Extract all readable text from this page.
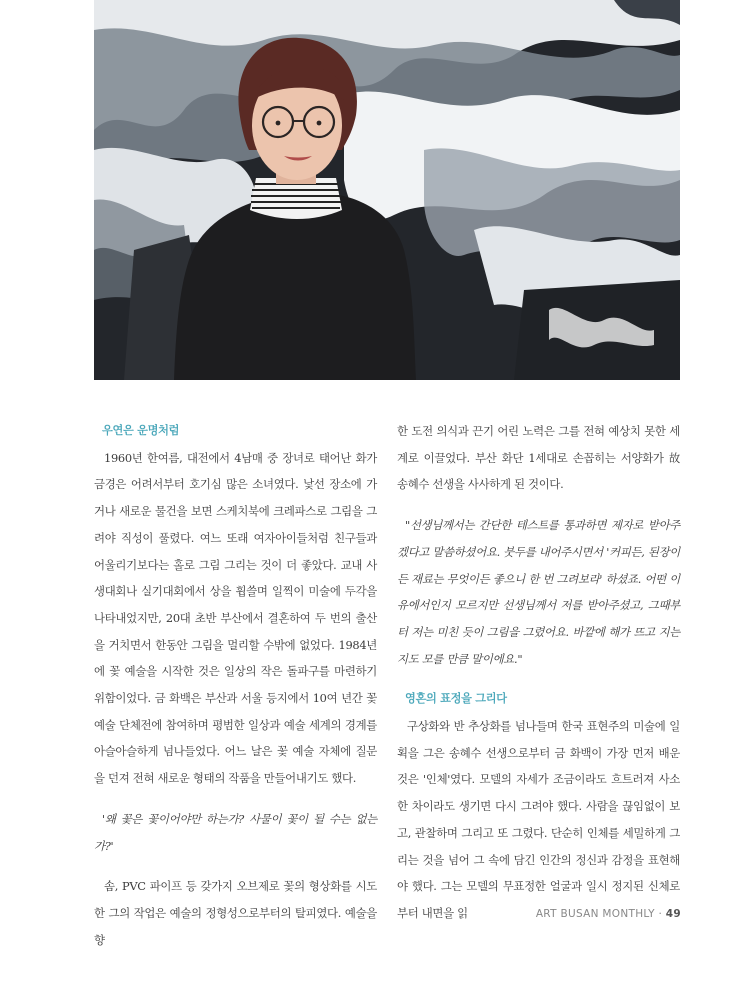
우연은 운명처럼

1960년 한여름, 대전에서 4남매 중 장녀로 태어난 화가 금경은 어려서부터 호기심 많은 소녀였다. 낯선 장소에 가거나 새로운 물건을 보면 스케치북에 크레파스로 그림을 그려야 직성이 풀렸다. 여느 또래 여자아이들처럼 친구들과 어울리기보다는 홀로 그림 그리는 것이 더 좋았다. 교내 사생대회나 실기대회에서 상을 휩쓸며 일찍이 미술에 두각을 나타내었지만, 20대 초반 부산에서 결혼하여 두 번의 출산을 거치면서 한동안 그림을 멀리할 수밖에 없었다. 1984년에 꽃 예술을 시작한 것은 일상의 작은 돌파구를 마련하기 위함이었다. 금 화백은 부산과 서울 등지에서 10여 년간 꽃 예술 단체전에 참여하며 평범한 일상과 예술 세계의 경계를 아슬아슬하게 넘나들었다. 어느 날은 꽃 예술 자체에 질문을 던져 전혀 새로운 형태의 작품을 만들어내기도 했다.

'왜 꽃은 꽃이어야만 하는가? 사물이 꽃이 될 수는 없는가?'

솜, PVC 파이프 등 갖가지 오브제로 꽃의 형상화를 시도한 그의 작업은 예술의 정형성으로부터의 탈피였다. 예술을 향

한 도전 의식과 끈기 어린 노력은 그를 전혀 예상치 못한 세계로 이끌었다. 부산 화단 1세대로 손꼽히는 서양화가 故 송혜수 선생을 사사하게 된 것이다.

"선생님께서는 간단한 테스트를 통과하면 제자로 받아주겠다고 말씀하셨어요. 붓두를 내어주시면서 '커피든, 된장이든 재료는 무엇이든 좋으니 한 번 그려보라' 하셨죠. 어떤 이유에서인지 모르지만 선생님께서 저를 받아주셨고, 그때부터 저는 미친 듯이 그림을 그렸어요. 바깥에 해가 뜨고 지는지도 모를 만큼 말이에요."

영혼의 표정을 그리다

구상화와 반 추상화를 넘나들며 한국 표현주의 미술에 일획을 그은 송혜수 선생으로부터 금 화백이 가장 먼저 배운 것은 '인체'였다. 모델의 자세가 조금이라도 흐트러져 사소한 차이라도 생기면 다시 그려야 했다. 사람을 끊임없이 보고, 관찰하며 그리고 또 그렸다. 단순히 인체를 세밀하게 그리는 것을 넘어 그 속에 담긴 인간의 정신과 감정을 표현해야 했다. 그는 모델의 무표정한 얼굴과 일시 정지된 신체로부터 내면을 읽	ART BUSAN MONTHLY · 49
